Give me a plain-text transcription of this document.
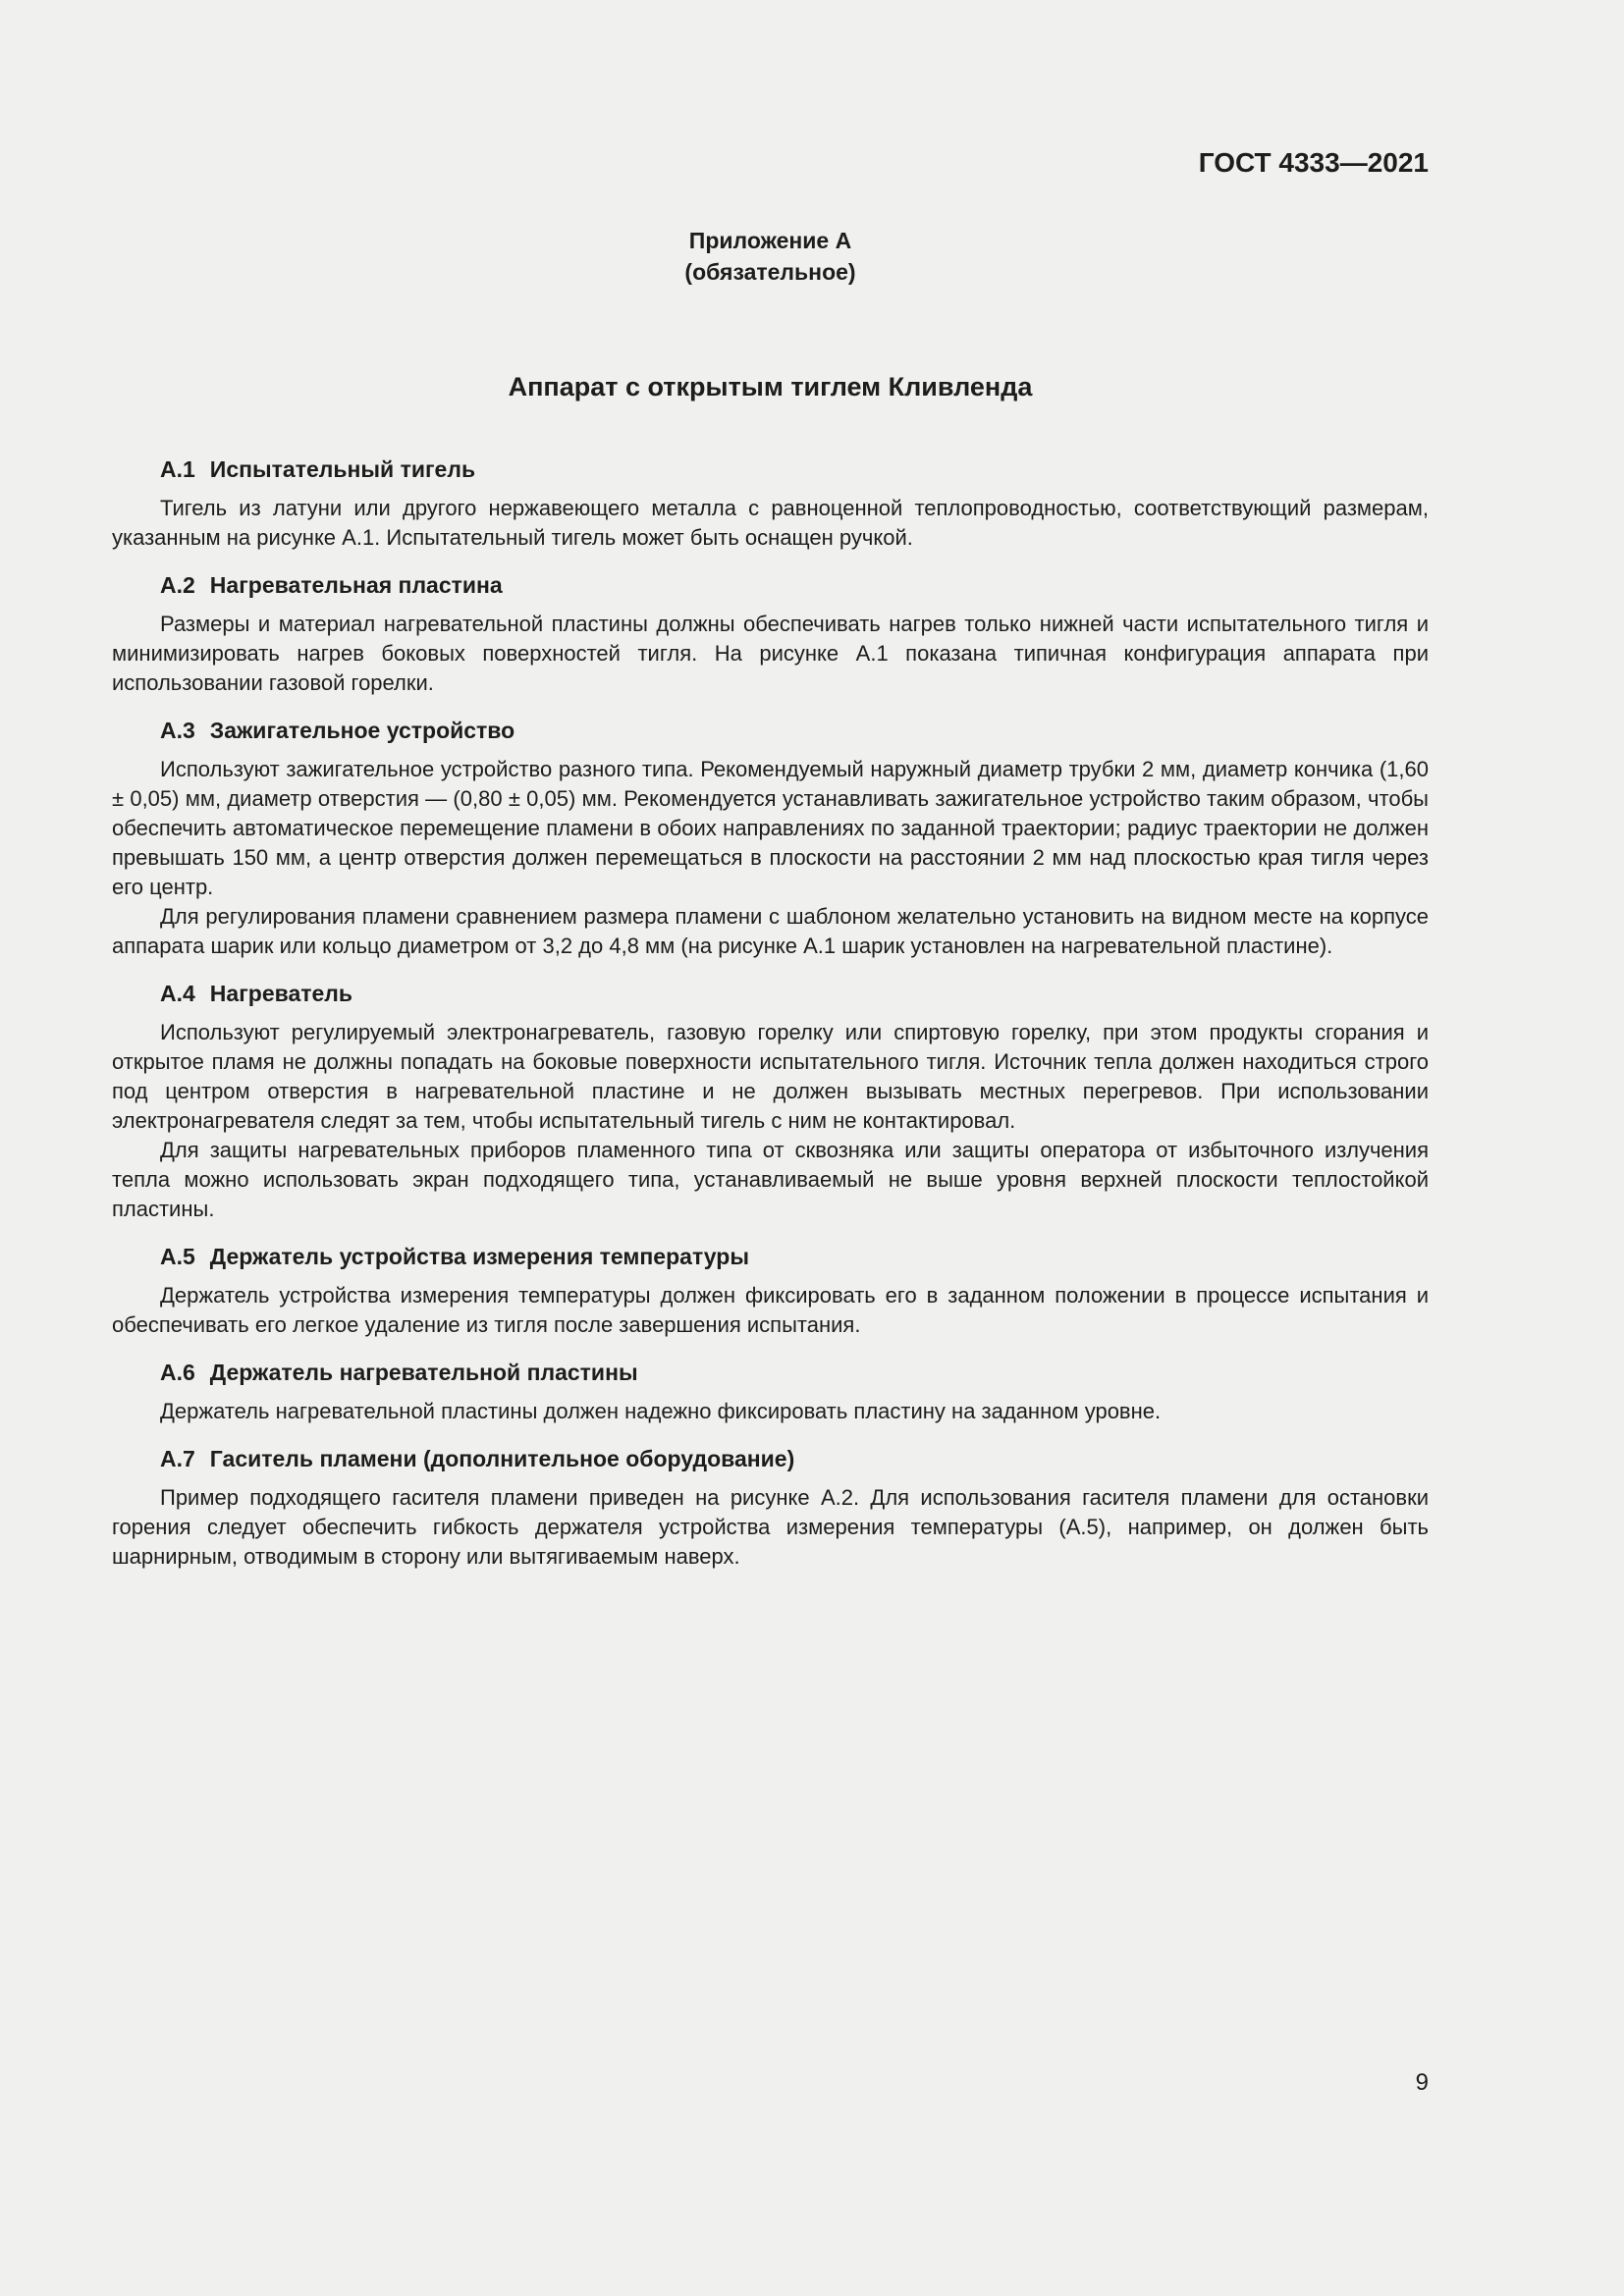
ГОСТ 4333—2021
Приложение А
(обязательное)
Аппарат с открытым тиглем Кливленда
А.1 Испытательный тигель

Тигель из латуни или другого нержавеющего металла с равноценной теплопроводностью, соответствующий размерам, указанным на рисунке А.1. Испытательный тигель может быть оснащен ручкой.

А.2 Нагревательная пластина

Размеры и материал нагревательной пластины должны обеспечивать нагрев только нижней части испытательного тигля и минимизировать нагрев боковых поверхностей тигля. На рисунке А.1 показана типичная конфигурация аппарата при использовании газовой горелки.

А.3 Зажигательное устройство

Используют зажигательное устройство разного типа. Рекомендуемый наружный диаметр трубки 2 мм, диаметр кончика (1,60 ± 0,05) мм, диаметр отверстия — (0,80 ± 0,05) мм. Рекомендуется устанавливать зажигательное устройство таким образом, чтобы обеспечить автоматическое перемещение пламени в обоих направлениях по заданной траектории; радиус траектории не должен превышать 150 мм, а центр отверстия должен перемещаться в плоскости на расстоянии 2 мм над плоскостью края тигля через его центр.

Для регулирования пламени сравнением размера пламени с шаблоном желательно установить на видном месте на корпусе аппарата шарик или кольцо диаметром от 3,2 до 4,8 мм (на рисунке А.1 шарик установлен на нагревательной пластине).

А.4 Нагреватель

Используют регулируемый электронагреватель, газовую горелку или спиртовую горелку, при этом продукты сгорания и открытое пламя не должны попадать на боковые поверхности испытательного тигля. Источник тепла должен находиться строго под центром отверстия в нагревательной пластине и не должен вызывать местных перегревов. При использовании электронагревателя следят за тем, чтобы испытательный тигель с ним не контактировал.

Для защиты нагревательных приборов пламенного типа от сквозняка или защиты оператора от избыточного излучения тепла можно использовать экран подходящего типа, устанавливаемый не выше уровня верхней плоскости теплостойкой пластины.

А.5 Держатель устройства измерения температуры

Держатель устройства измерения температуры должен фиксировать его в заданном положении в процессе испытания и обеспечивать его легкое удаление из тигля после завершения испытания.

А.6 Держатель нагревательной пластины

Держатель нагревательной пластины должен надежно фиксировать пластину на заданном уровне.

А.7 Гаситель пламени (дополнительное оборудование)

Пример подходящего гасителя пламени приведен на рисунке А.2. Для использования гасителя пламени для остановки горения следует обеспечить гибкость держателя устройства измерения температуры (А.5), например, он должен быть шарнирным, отводимым в сторону или вытягиваемым наверх.

9
